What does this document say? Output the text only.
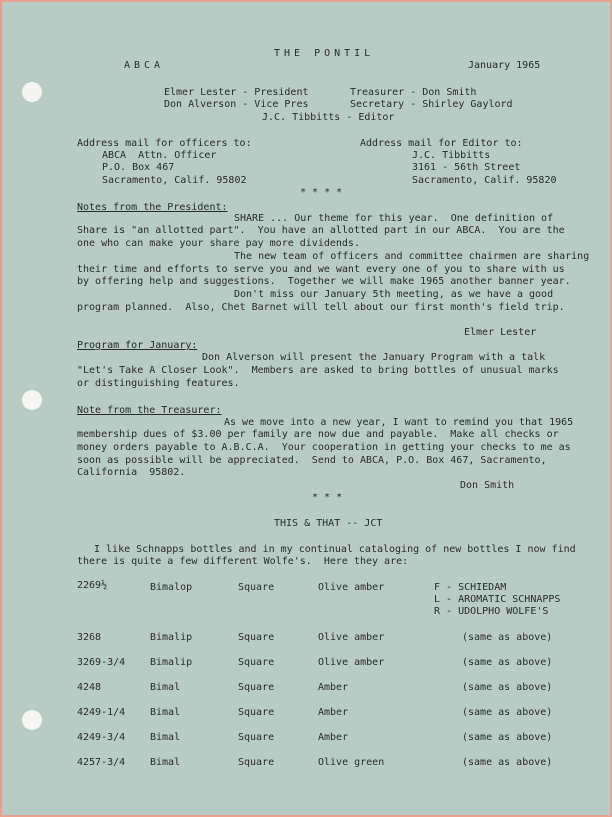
THE PONTIL
ABCA	January 1965
Elmer Lester - President	Treasurer - Don Smith
Don Alverson - Vice Pres	Secretary - Shirley Gaylord
J.C. Tibbitts - Editor
Address mail for officers to:
ABCA  Attn. Officer
P.O. Box 467
Sacramento, Calif. 95802
Address mail for Editor to:
J.C. Tibbitts
3161 - 56th Street
Sacramento, Calif. 95820
* * * *
Notes from the President:
SHARE ... Our theme for this year.  One definition of
Share is "an allotted part".  You have an allotted part in our ABCA.  You are the
one who can make your share pay more dividends.
The new team of officers and committee chairmen are sharing
their time and efforts to serve you and we want every one of you to share with us
by offering help and suggestions.  Together we will make 1965 another banner year.
Don't miss our January 5th meeting, as we have a good
program planned.  Also, Chet Barnet will tell about our first month's field trip.
Elmer Lester
Program for January:
Don Alverson will present the January Program with a talk
"Let's Take A Closer Look".  Members are asked to bring bottles of unusual marks
or distinguishing features.
Note from the Treasurer:
As we move into a new year, I want to remind you that 1965
membership dues of $3.00 per family are now due and payable.  Make all checks or
money orders payable to A.B.C.A.  Your cooperation in getting your checks to me as
soon as possible will be appreciated.  Send to ABCA, P.O. Box 467, Sacramento,
California  95802.
Don Smith
* * *
THIS & THAT -- JCT
I like Schnapps bottles and in my continual cataloging of new bottles I now find
there is quite a few different Wolfe's.  Here they are:
2269½	Bimalop	Square	Olive amber	F - SCHIEDAM
L - AROMATIC SCHNAPPS
R - UDOLPHO WOLFE'S
3268	Bimalip	Square	Olive amber	(same as above)
3269-3/4 Bimalip	Square	Olive amber	(same as above)
4248	Bimal	Square	Amber	(same as above)
4249-1/4 Bimal	Square	Amber	(same as above)
4249-3/4 Bimal	Square	Amber	(same as above)
4257-3/4 Bimal	Square	Olive green	(same as above)
